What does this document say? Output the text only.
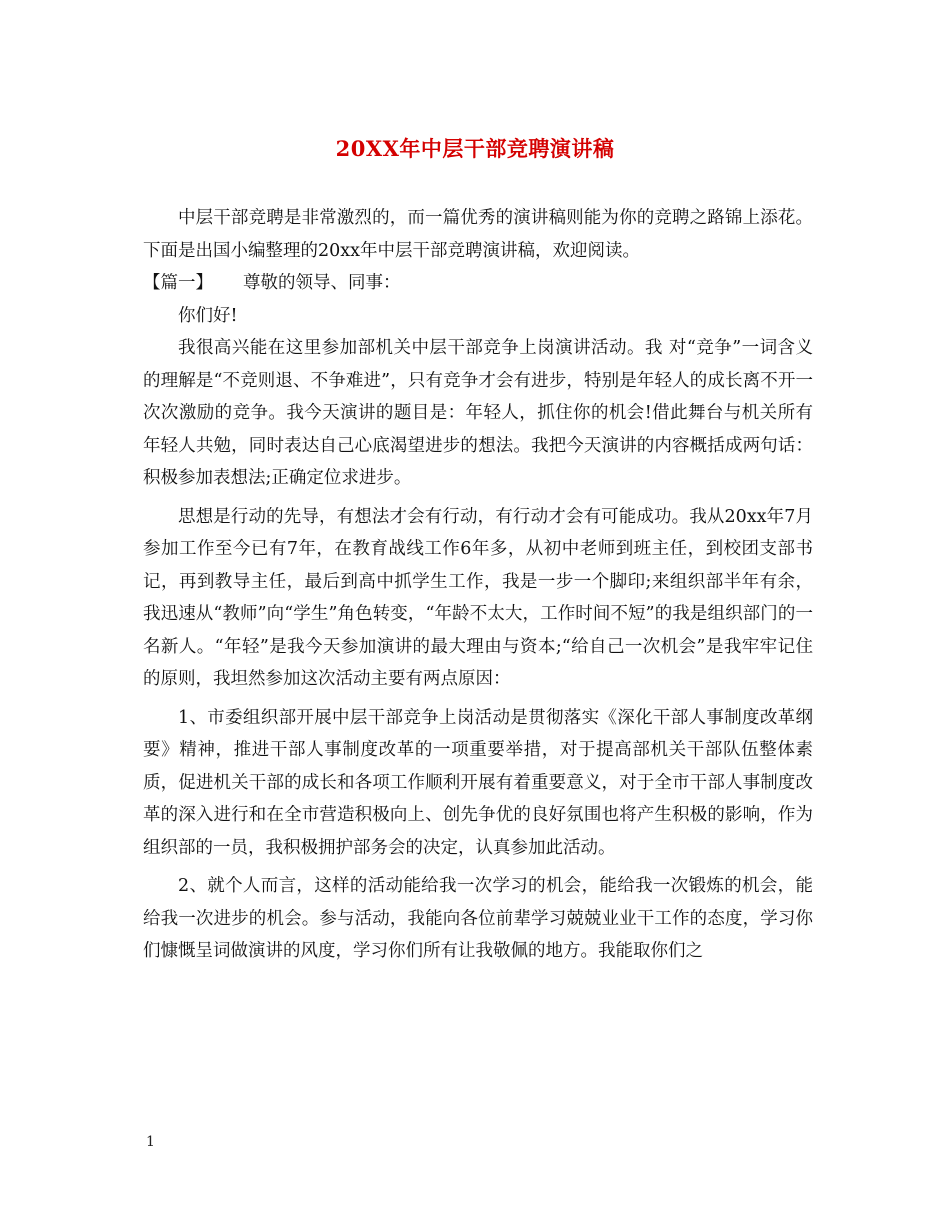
20XX年中层干部竞聘演讲稿

中层干部竞聘是非常激烈的，而一篇优秀的演讲稿则能为你的竞聘之路锦上添花。下面是出国小编整理的20xx年中层干部竞聘演讲稿，欢迎阅读。

【篇一】 尊敬的领导、同事：

你们好!

我很高兴能在这里参加部机关中层干部竞争上岗演讲活动。我 对“竞争”一词含义的理解是“不竞则退、不争难进”，只有竞争才会有进步，特别是年轻人的成长离不开一次次激励的竞争。我今天演讲的题目是：年轻人，抓住你的机会!借此舞台与机关所有年轻人共勉，同时表达自己心底渴望进步的想法。我把今天演讲的内容概括成两句话：积极参加表想法;正确定位求进步。

思想是行动的先导，有想法才会有行动，有行动才会有可能成功。我从20xx年7月参加工作至今已有7年，在教育战线工作6年多，从初中老师到班主任，到校团支部书记，再到教导主任，最后到高中抓学生工作，我是一步一个脚印;来组织部半年有余，我迅速从“教师”向“学生”角色转变，“年龄不太大，工作时间不短”的我是组织部门的一名新人。“年轻”是我今天参加演讲的最大理由与资本;“给自己一次机会”是我牢牢记住的原则，我坦然参加这次活动主要有两点原因：

1、市委组织部开展中层干部竞争上岗活动是贯彻落实《深化干部人事制度改革纲要》精神，推进干部人事制度改革的一项重要举措，对于提高部机关干部队伍整体素质，促进机关干部的成长和各项工作顺利开展有着重要意义，对于全市干部人事制度改革的深入进行和在全市营造积极向上、创先争优的良好氛围也将产生积极的影响，作为组织部的一员，我积极拥护部务会的决定，认真参加此活动。

2、就个人而言，这样的活动能给我一次学习的机会，能给我一次锻炼的机会，能给我一次进步的机会。参与活动，我能向各位前辈学习兢兢业业干工作的态度，学习你们慷慨呈词做演讲的风度，学习你们所有让我敬佩的地方。我能取你们之

1
